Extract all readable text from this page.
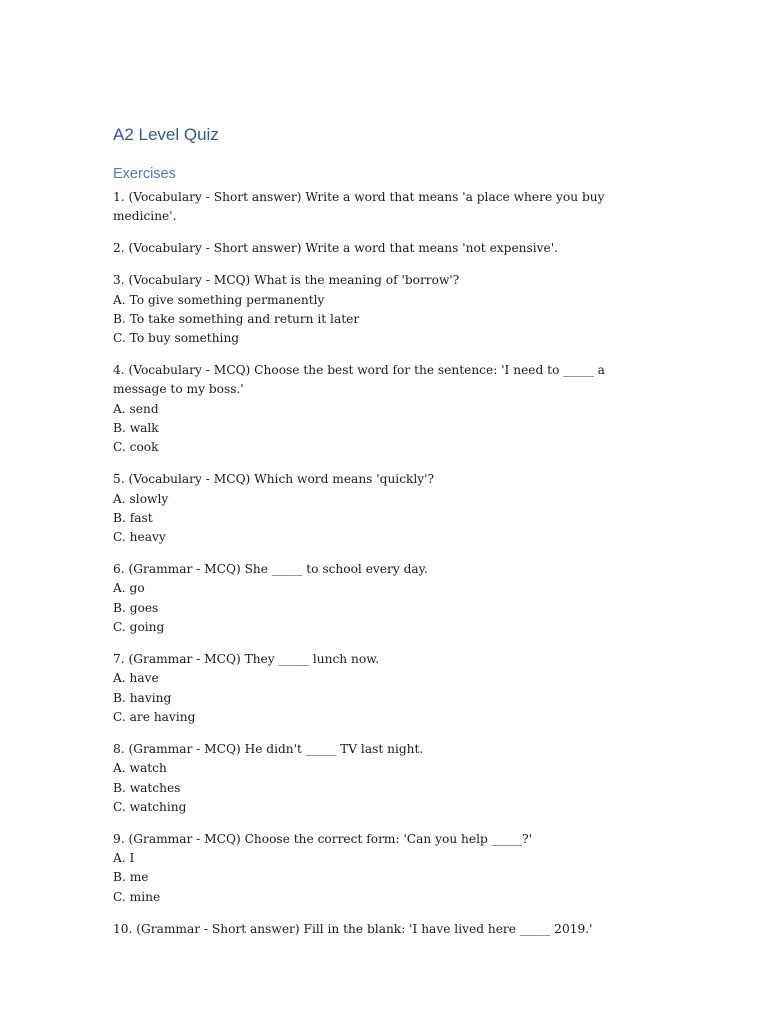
A2 Level Quiz
Exercises
1. (Vocabulary - Short answer) Write a word that means 'a place where you buy medicine'.
2. (Vocabulary - Short answer) Write a word that means 'not expensive'.
3. (Vocabulary - MCQ) What is the meaning of 'borrow'?
A. To give something permanently
B. To take something and return it later
C. To buy something
4. (Vocabulary - MCQ) Choose the best word for the sentence: 'I need to _____ a message to my boss.'
A. send
B. walk
C. cook
5. (Vocabulary - MCQ) Which word means 'quickly'?
A. slowly
B. fast
C. heavy
6. (Grammar - MCQ) She _____ to school every day.
A. go
B. goes
C. going
7. (Grammar - MCQ) They _____ lunch now.
A. have
B. having
C. are having
8. (Grammar - MCQ) He didn't _____ TV last night.
A. watch
B. watches
C. watching
9. (Grammar - MCQ) Choose the correct form: 'Can you help _____?'
A. I
B. me
C. mine
10. (Grammar - Short answer) Fill in the blank: 'I have lived here _____ 2019.'
